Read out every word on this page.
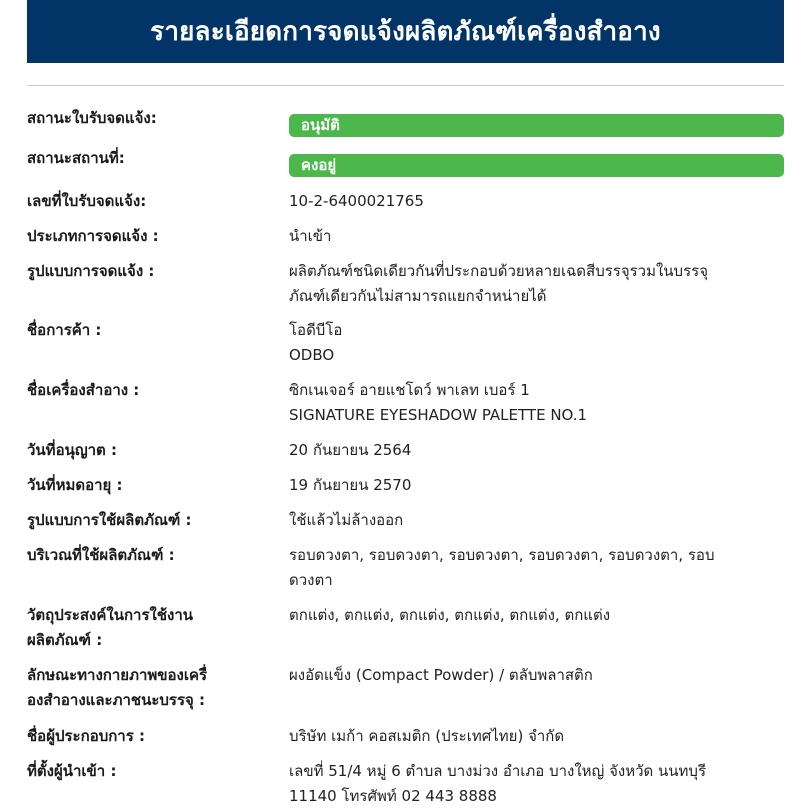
รายละเอียดการจดแจ้งผลิตภัณฑ์เครื่องสำอาง
สถานะใบรับจดแจ้ง:	อนุมัติ
สถานะสถานที่:	คงอยู่
เลขที่ใบรับจดแจ้ง:	10-2-6400021765
ประเภทการจดแจ้ง :	นำเข้า
รูปแบบการจดแจ้ง :	ผลิตภัณฑ์ชนิดเดียวกันที่ประกอบด้วยหลายเฉดสีบรรจุรวมในบรรจุ
ภัณฑ์เดียวกันไม่สามารถแยกจำหน่ายได้
ชื่อการค้า :	โอดีบีโอ
ODBO
ชื่อเครื่องสำอาง :	ซิกเนเจอร์ อายแชโดว์ พาเลท เบอร์ 1
SIGNATURE EYESHADOW PALETTE NO.1
วันที่อนุญาต :	20 กันยายน 2564
วันที่หมดอายุ :	19 กันยายน 2570
รูปแบบการใช้ผลิตภัณฑ์ :	ใช้แล้วไม่ล้างออก
บริเวณที่ใช้ผลิตภัณฑ์ :	รอบดวงตา, รอบดวงตา, รอบดวงตา, รอบดวงตา, รอบดวงตา, รอบ
ดวงตา
วัตถุประสงค์ในการใช้งาน
ผลิตภัณฑ์ :
ตกแต่ง, ตกแต่ง, ตกแต่ง, ตกแต่ง, ตกแต่ง, ตกแต่ง
ลักษณะทางกายภาพของเครื่
องสำอางและภาชนะบรรจุ :
ผงอัดแข็ง (Compact Powder) / ตลับพลาสติก
ชื่อผู้ประกอบการ :	บริษัท เมก้า คอสเมติก (ประเทศไทย) จำกัด
ที่ตั้งผู้นำเข้า :	เลขที่ 51/4 หมู่ 6 ตำบล บางม่วง อำเภอ บางใหญ่ จังหวัด นนทบุรี
11140 โทรศัพท์ 02 443 8888
